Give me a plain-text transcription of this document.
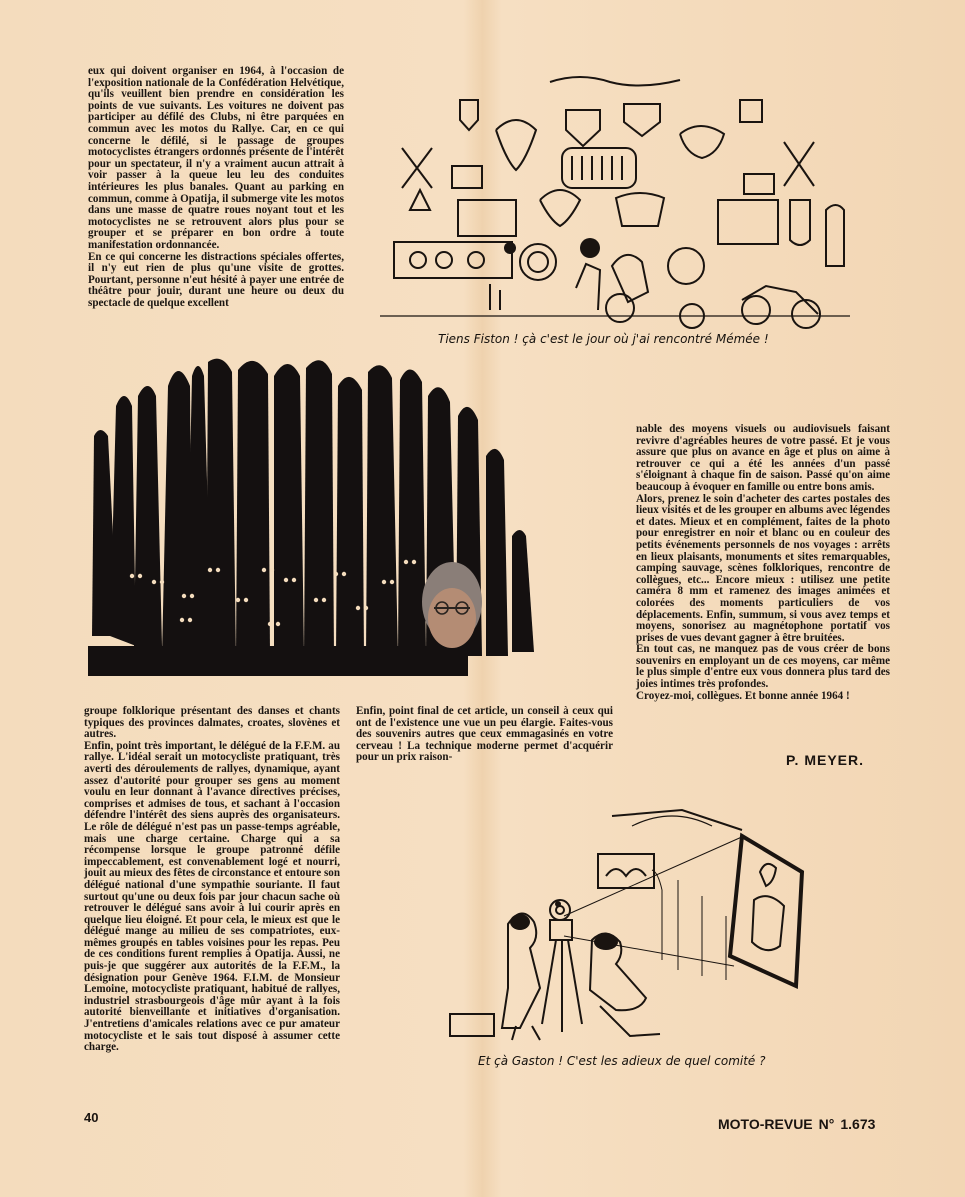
eux qui doivent organiser en 1964, à l'occasion de l'exposition nationale de la Confédération Helvétique, qu'ils veuillent bien prendre en considération les points de vue suivants. Les voitures ne doivent pas participer au défilé des Clubs, ni être parquées en commun avec les motos du Rallye. Car, en ce qui concerne le défilé, si le passage de groupes motocyclistes étrangers ordonnés présente de l'intérêt pour un spectateur, il n'y a vraiment aucun attrait à voir passer à la queue leu leu des conduites intérieures les plus banales. Quant au parking en commun, comme à Opatija, il submerge vite les motos dans une masse de quatre roues noyant tout et les motocyclistes ne se retrouvent alors plus pour se grouper et se préparer en bon ordre à toute manifestation ordonnancée.
En ce qui concerne les distractions spéciales offertes, il n'y eut rien de plus qu'une visite de grottes. Pourtant, personne n'eut hésité à payer une entrée de théâtre pour jouir, durant une heure ou deux du spectacle de quelque excellent
Tiens Fiston ! çà c'est le jour où j'ai rencontré Mémée !
groupe folklorique présentant des danses et chants typiques des provinces dalmates, croates, slovènes et autres.
Enfin, point très important, le délégué de la F.F.M. au rallye. L'idéal serait un motocycliste pratiquant, très averti des déroulements de rallyes, dynamique, ayant assez d'autorité pour grouper ses gens au moment voulu en leur donnant à l'avance directives précises, comprises et admises de tous, et sachant à l'occasion défendre l'intérêt des siens auprès des organisateurs. Le rôle de délégué n'est pas un passe-temps agréable, mais une charge certaine. Charge qui a sa récompense lorsque le groupe patronné défile impeccablement, est convenablement logé et nourri, jouit au mieux des fêtes de circonstance et entoure son délégué national d'une sympathie souriante. Il faut surtout qu'une ou deux fois par jour chacun sache où retrouver le délégué sans avoir à lui courir après en quelque lieu éloigné. Et pour cela, le mieux est que le délégué mange au milieu de ses compatriotes, eux-mêmes groupés en tables voisines pour les repas. Peu de ces conditions furent remplies à Opatija. Aussi, ne puis-je que suggérer aux autorités de la F.F.M., la désignation pour Genève 1964. F.I.M. de Monsieur Lemoine, motocycliste pratiquant, habitué de rallyes, industriel strasbourgeois d'âge mûr ayant à la fois autorité bienveillante et initiatives d'organisation. J'entretiens d'amicales relations avec ce pur amateur motocycliste et le sais tout disposé à assumer cette charge.
Enfin, point final de cet article, un conseil à ceux qui ont de l'existence une vue un peu élargie. Faites-vous des souvenirs autres que ceux emmagasinés en votre cerveau ! La technique moderne permet d'acquérir pour un prix raison-
nable des moyens visuels ou audiovisuels faisant revivre d'agréables heures de votre passé. Et je vous assure que plus on avance en âge et plus on aime à retrouver ce qui a été les années d'un passé s'éloignant à chaque fin de saison. Passé qu'on aime beaucoup à évoquer en famille ou entre bons amis.
Alors, prenez le soin d'acheter des cartes postales des lieux visités et de les grouper en albums avec légendes et dates. Mieux et en complément, faites de la photo pour enregistrer en noir et blanc ou en couleur des petits événements personnels de nos voyages : arrêts en lieux plaisants, monuments et sites remarquables, camping sauvage, scènes folkloriques, rencontre de collègues, etc... Encore mieux : utilisez une petite caméra 8 mm et ramenez des images animées et colorées des moments particuliers de vos déplacements. Enfin, summum, si vous avez temps et moyens, sonorisez au magnétophone portatif vos prises de vues devant gagner à être bruitées.
En tout cas, ne manquez pas de vous créer de bons souvenirs en employant un de ces moyens, car même le plus simple d'entre eux vous donnera plus tard des joies intimes très profondes.
Croyez-moi, collègues. Et bonne année 1964 !
P. MEYER.
Et çà Gaston ! C'est les adieux de quel comité ?
40	MOTO-REVUE N° 1.673
